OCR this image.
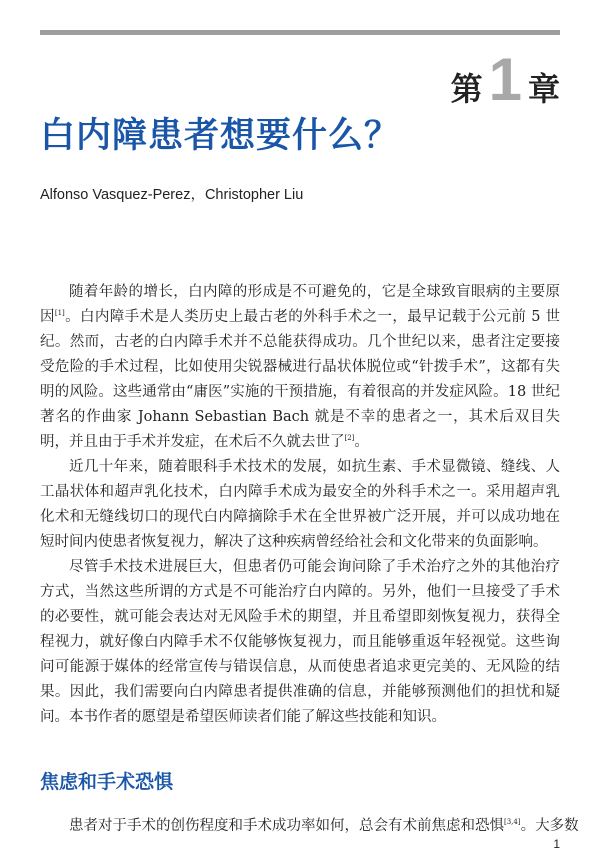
第 1 章
白内障患者想要什么？
Alfonso Vasquez-Perez，Christopher Liu

随着年龄的增长，白内障的形成是不可避免的，它是全球致盲眼病的主要原因[1]。白内障手术是人类历史上最古老的外科手术之一，最早记载于公元前 5 世纪。然而，古老的白内障手术并不总能获得成功。几个世纪以来，患者注定要接受危险的手术过程，比如使用尖锐器械进行晶状体脱位或“针拨手术”，这都有失明的风险。这些通常由“庸医”实施的干预措施，有着很高的并发症风险。18 世纪著名的作曲家 Johann Sebastian Bach 就是不幸的患者之一，其术后双目失明，并且由于手术并发症，在术后不久就去世了[2]。

近几十年来，随着眼科手术技术的发展，如抗生素、手术显微镜、缝线、人工晶状体和超声乳化技术，白内障手术成为最安全的外科手术之一。采用超声乳化术和无缝线切口的现代白内障摘除手术在全世界被广泛开展，并可以成功地在短时间内使患者恢复视力，解决了这种疾病曾经给社会和文化带来的负面影响。

尽管手术技术进展巨大，但患者仍可能会询问除了手术治疗之外的其他治疗方式，当然这些所谓的方式是不可能治疗白内障的。另外，他们一旦接受了手术的必要性，就可能会表达对无风险手术的期望，并且希望即刻恢复视力，获得全程视力，就好像白内障手术不仅能够恢复视力，而且能够重返年轻视觉。这些询问可能源于媒体的经常宣传与错误信息，从而使患者追求更完美的、无风险的结果。因此，我们需要向白内障患者提供准确的信息，并能够预测他们的担忧和疑问。本书作者的愿望是希望医师读者们能了解这些技能和知识。

焦虑和手术恐惧

患者对于手术的创伤程度和手术成功率如何，总会有术前焦虑和恐惧[3,4]。大多数

1
